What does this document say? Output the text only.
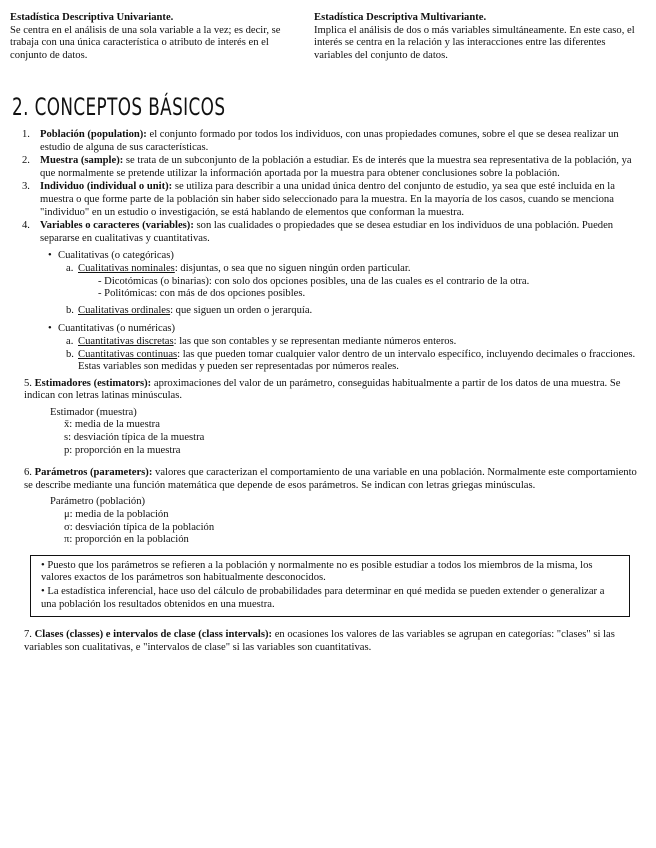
Estadística Descriptiva Univariante.

Se centra en el análisis de una sola variable a la vez; es decir, se trabaja con una única característica o atributo de interés en el conjunto de datos.

Estadística Descriptiva Multivariante.

Implica el análisis de dos o más variables simultáneamente. En este caso, el interés se centra en la relación y las interacciones entre las diferentes

variables del conjunto de datos.

2. CONCEPTOS BÁSICOS
1. Población (population): el conjunto formado por todos los individuos, con unas propiedades comunes, sobre el que se desea realizar un estudio de alguna de sus características.
2. Muestra (sample): se trata de un subconjunto de la población a estudiar. Es de interés que la muestra sea representativa de la población, ya que normalmente se pretende utilizar la información aportada por la muestra para obtener conclusiones sobre la población.
3. Individuo (individual o unit): se utiliza para describir a una unidad única dentro del conjunto de estudio, ya sea que esté incluida en la muestra o que forme parte de la población sin haber sido seleccionado para la muestra. En la mayoría de los casos, cuando se menciona "individuo" en un estudio o investigación, se está hablando de elementos que conforman la muestra.
4. Variables o caracteres (variables): son las cualidades o propiedades que se desea estudiar en los individuos de una población. Pueden separarse en cualitativas y cuantitativas.
• Cualitativas (o categóricas)
a. Cualitativas nominales: disjuntas, o sea que no siguen ningún orden particular.
- Dicotómicas (o binarias): con solo dos opciones posibles, una de las cuales es el contrario de la otra.
- Politómicas: con más de dos opciones posibles.
b. Cualitativas ordinales: que siguen un orden o jerarquía.
• Cuantitativas (o numéricas)
a. Cuantitativas discretas: las que son contables y se representan mediante números enteros.
b. Cuantitativas continuas: las que pueden tomar cualquier valor dentro de un intervalo específico, incluyendo decimales o fracciones. Estas variables son medidas y pueden ser representadas por números reales.
5. Estimadores (estimators): aproximaciones del valor de un parámetro, conseguidas habitualmente a partir de los datos de una muestra. Se indican con letras latinas minúsculas.
Estimador (muestra)
x̄: media de la muestra
s: desviación típica de la muestra
p: proporción en la muestra
6. Parámetros (parameters): valores que caracterizan el comportamiento de una variable en una población. Normalmente este comportamiento se describe mediante una función matemática que depende de esos parámetros. Se indican con letras griegas minúsculas.
Parámetro (población)
μ: media de la población
σ: desviación típica de la población
π: proporción en la población

• Puesto que los parámetros se refieren a la población y normalmente no es posible estudiar a todos los miembros de la misma, los valores exactos de los parámetros son habitualmente desconocidos.

• La estadística inferencial, hace uso del cálculo de probabilidades para determinar en qué medida se pueden extender o generalizar a una población los resultados obtenidos en una muestra.

7. Clases (classes) e intervalos de clase (class intervals): en ocasiones los valores de las variables se agrupan en categorías: "clases" si las variables son cualitativas, e "intervalos de clase" si las variables son cuantitativas.
